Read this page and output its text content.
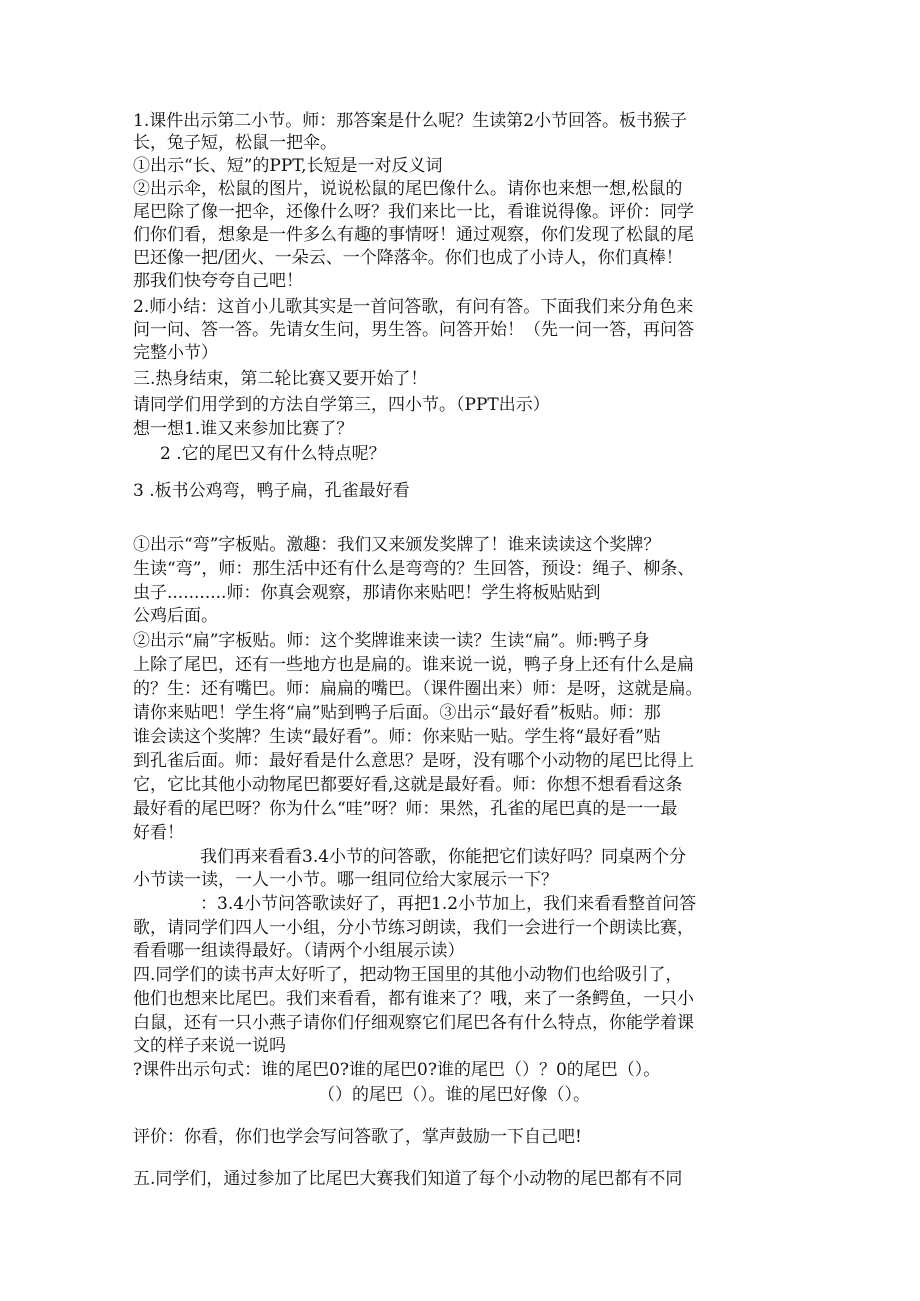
1.课件出示第二小节。师：那答案是什么呢？生读第2小节回答。板书猴子

长，兔子短，松鼠一把伞。

①出示“长、短”的PPT,长短是一对反义词

②出示伞，松鼠的图片，说说松鼠的尾巴像什么。请你也来想一想,松鼠的

尾巴除了像一把伞，还像什么呀？我们来比一比，看谁说得像。评价：同学

们你们看，想象是一件多么有趣的事情呀！通过观察，你们发现了松鼠的尾

巴还像一把/团火、一朵云、一个降落伞。你们也成了小诗人，你们真棒！

那我们快夸夸自己吧！

2.师小结：这首小儿歌其实是一首问答歌，有问有答。下面我们来分角色来

问一问、答一答。先请女生问，男生答。问答开始！（先一问一答，再问答

完整小节）

三.热身结束，第二轮比赛又要开始了！

请同学们用学到的方法自学第三，四小节。（PPT出示）

想一想1.谁又来参加比赛了？

2 .它的尾巴又有什么特点呢？

3 .板书公鸡弯，鸭子扁，孔雀最好看

①出示“弯”字板贴。激趣：我们又来颁发奖牌了！谁来读读这个奖牌？

生读“弯”，师：那生活中还有什么是弯弯的？生回答，预设：绳子、柳条、

虫子...........师：你真会观察，那请你来贴吧！学生将板贴贴到

公鸡后面。

②出示“扁”字板贴。师：这个奖牌谁来读一读？生读“扁”。师:鸭子身

上除了尾巴，还有一些地方也是扁的。谁来说一说，鸭子身上还有什么是扁

的？生：还有嘴巴。师：扁扁的嘴巴。（课件圈出来）师：是呀，这就是扁。

请你来贴吧！学生将“扁”贴到鸭子后面。③出示“最好看”板贴。师：那

谁会读这个奖牌？生读“最好看”。师：你来贴一贴。学生将“最好看”贴

到孔雀后面。师：最好看是什么意思？是呀，没有哪个小动物的尾巴比得上

它，它比其他小动物尾巴都要好看,这就是最好看。师：你想不想看看这条

最好看的尾巴呀？你为什么“哇”呀？师：果然，孔雀的尾巴真的是一一最

好看！

我们再来看看3.4小节的问答歌，你能把它们读好吗？同桌两个分

小节读一读，一人一小节。哪一组同位给大家展示一下？

：3.4小节问答歌读好了，再把1.2小节加上，我们来看看整首问答

歌，请同学们四人一小组，分小节练习朗读，我们一会进行一个朗读比赛，

看看哪一组读得最好。（请两个小组展示读）

四.同学们的读书声太好听了，把动物王国里的其他小动物们也给吸引了，

他们也想来比尾巴。我们来看看，都有谁来了？哦，来了一条鳄鱼，一只小

白鼠，还有一只小燕子请你们仔细观察它们尾巴各有什么特点，你能学着课

文的样子来说一说吗

?课件出示句式：谁的尾巴0?谁的尾巴0?谁的尾巴（）？0的尾巴（）。

（）的尾巴（）。谁的尾巴好像（）。

评价：你看，你们也学会写问答歌了，掌声鼓励一下自己吧!

五.同学们，通过参加了比尾巴大赛我们知道了每个小动物的尾巴都有不同
